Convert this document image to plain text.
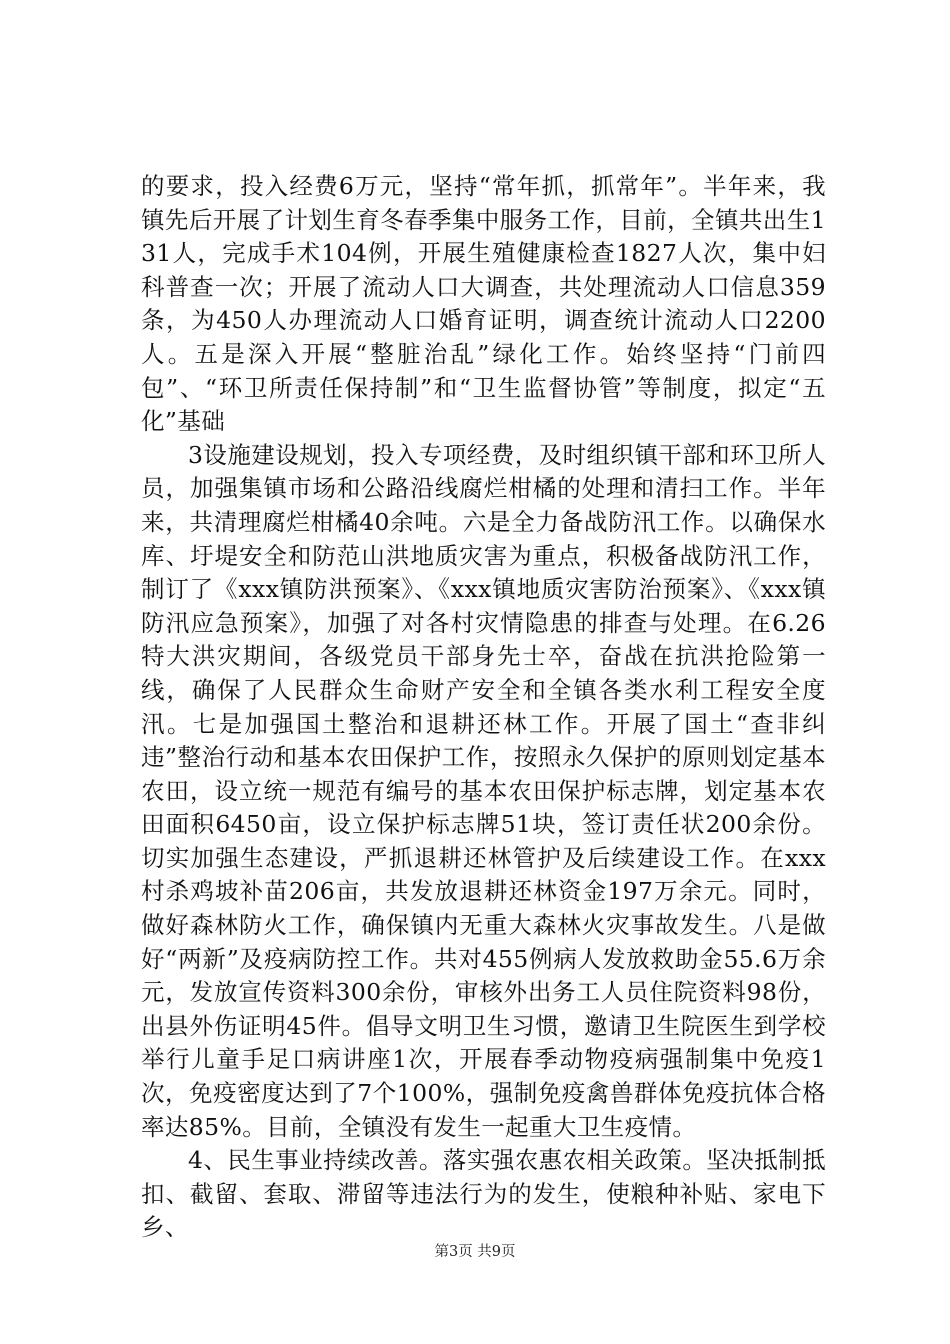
的要求，投入经费6万元，坚持“常年抓，抓常年”。半年来，我镇先后开展了计划生育冬春季集中服务工作，目前，全镇共出生131人，完成手术104例，开展生殖健康检查1827人次，集中妇科普查一次；开展了流动人口大调查，共处理流动人口信息359条，为450人办理流动人口婚育证明，调查统计流动人口2200人。五是深入开展“整脏治乱”绿化工作。始终坚持“门前四包”、“环卫所责任保持制”和“卫生监督协管”等制度，拟定“五化”基础

3设施建设规划，投入专项经费，及时组织镇干部和环卫所人员，加强集镇市场和公路沿线腐烂柑橘的处理和清扫工作。半年来，共清理腐烂柑橘40余吨。六是全力备战防汛工作。以确保水库、圩堤安全和防范山洪地质灾害为重点，积极备战防汛工作，制订了《xxx镇防洪预案》、《xxx镇地质灾害防治预案》、《xxx镇防汛应急预案》，加强了对各村灾情隐患的排查与处理。在6.26特大洪灾期间，各级党员干部身先士卒，奋战在抗洪抢险第一线，确保了人民群众生命财产安全和全镇各类水利工程安全度汛。七是加强国土整治和退耕还林工作。开展了国土“查非纠违”整治行动和基本农田保护工作，按照永久保护的原则划定基本农田，设立统一规范有编号的基本农田保护标志牌，划定基本农田面积6450亩，设立保护标志牌51块，签订责任状200余份。切实加强生态建设，严抓退耕还林管护及后续建设工作。在xxx村杀鸡坡补苗206亩，共发放退耕还林资金197万余元。同时，做好森林防火工作，确保镇内无重大森林火灾事故发生。八是做好“两新”及疫病防控工作。共对455例病人发放救助金55.6万余元，发放宣传资料300余份，审核外出务工人员住院资料98份，出县外伤证明45件。倡导文明卫生习惯，邀请卫生院医生到学校举行儿童手足口病讲座1次，开展春季动物疫病强制集中免疫1次，免疫密度达到了7个100%，强制免疫禽兽群体免疫抗体合格率达85%。目前，全镇没有发生一起重大卫生疫情。

4、民生事业持续改善。落实强农惠农相关政策。坚决抵制抵扣、截留、套取、滞留等违法行为的发生，使粮种补贴、家电下乡、

第3页 共9页
